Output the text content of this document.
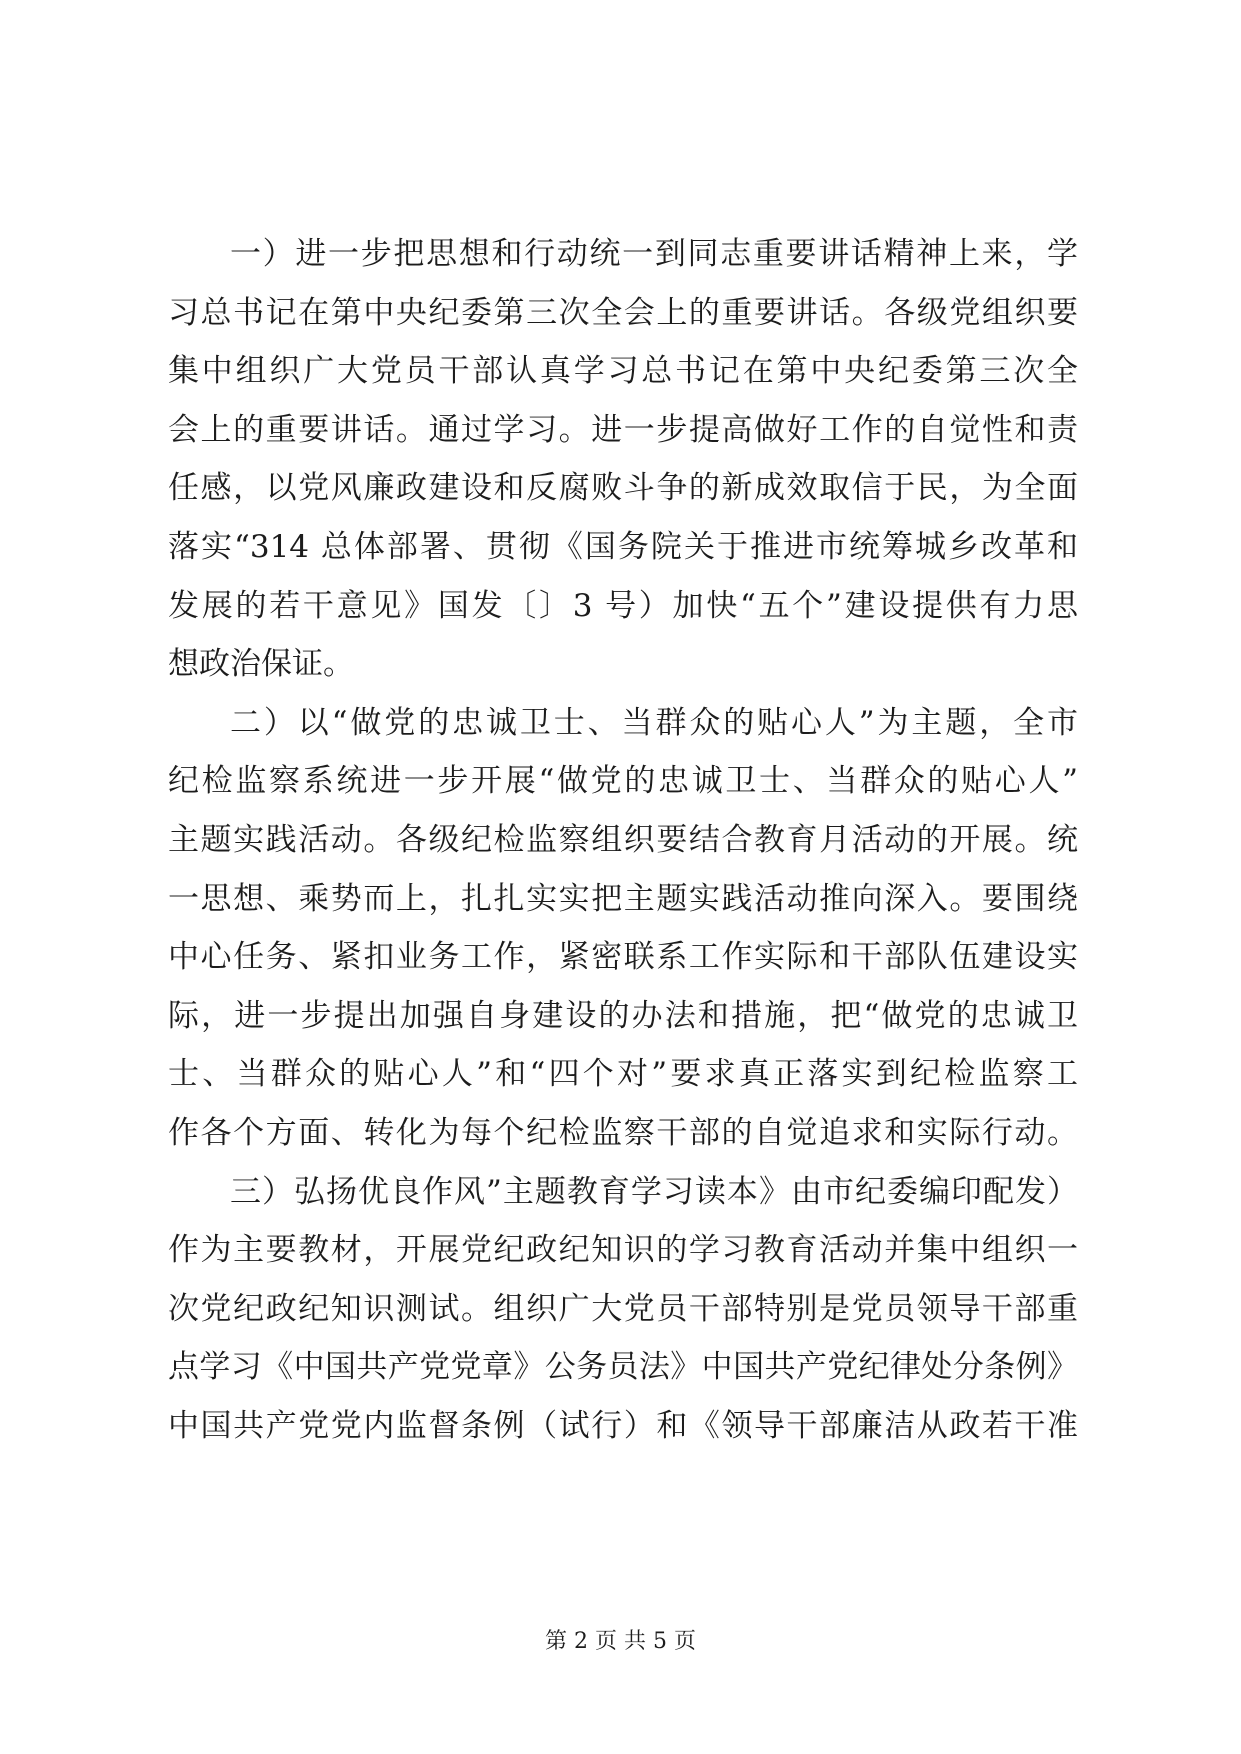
一）进一步把思想和行动统一到同志重要讲话精神上来，学
习总书记在第中央纪委第三次全会上的重要讲话。各级党组织要
集中组织广大党员干部认真学习总书记在第中央纪委第三次全
会上的重要讲话。通过学习。进一步提高做好工作的自觉性和责
任感，以党风廉政建设和反腐败斗争的新成效取信于民，为全面
落实“314 总体部署、贯彻《国务院关于推进市统筹城乡改革和
发展的若干意见》国发〔〕3 号）加快“五个”建设提供有力思
想政治保证。
二）以“做党的忠诚卫士、当群众的贴心人”为主题，全市
纪检监察系统进一步开展“做党的忠诚卫士、当群众的贴心人”
主题实践活动。各级纪检监察组织要结合教育月活动的开展。统
一思想、乘势而上，扎扎实实把主题实践活动推向深入。要围绕
中心任务、紧扣业务工作，紧密联系工作实际和干部队伍建设实
际，进一步提出加强自身建设的办法和措施，把“做党的忠诚卫
士、当群众的贴心人”和“四个对”要求真正落实到纪检监察工
作各个方面、转化为每个纪检监察干部的自觉追求和实际行动。
三）弘扬优良作风”主题教育学习读本》由市纪委编印配发）
作为主要教材，开展党纪政纪知识的学习教育活动并集中组织一
次党纪政纪知识测试。组织广大党员干部特别是党员领导干部重
点学习《中国共产党党章》公务员法》中国共产党纪律处分条例》
中国共产党党内监督条例（试行）和《领导干部廉洁从政若干准
第 2 页 共 5 页
